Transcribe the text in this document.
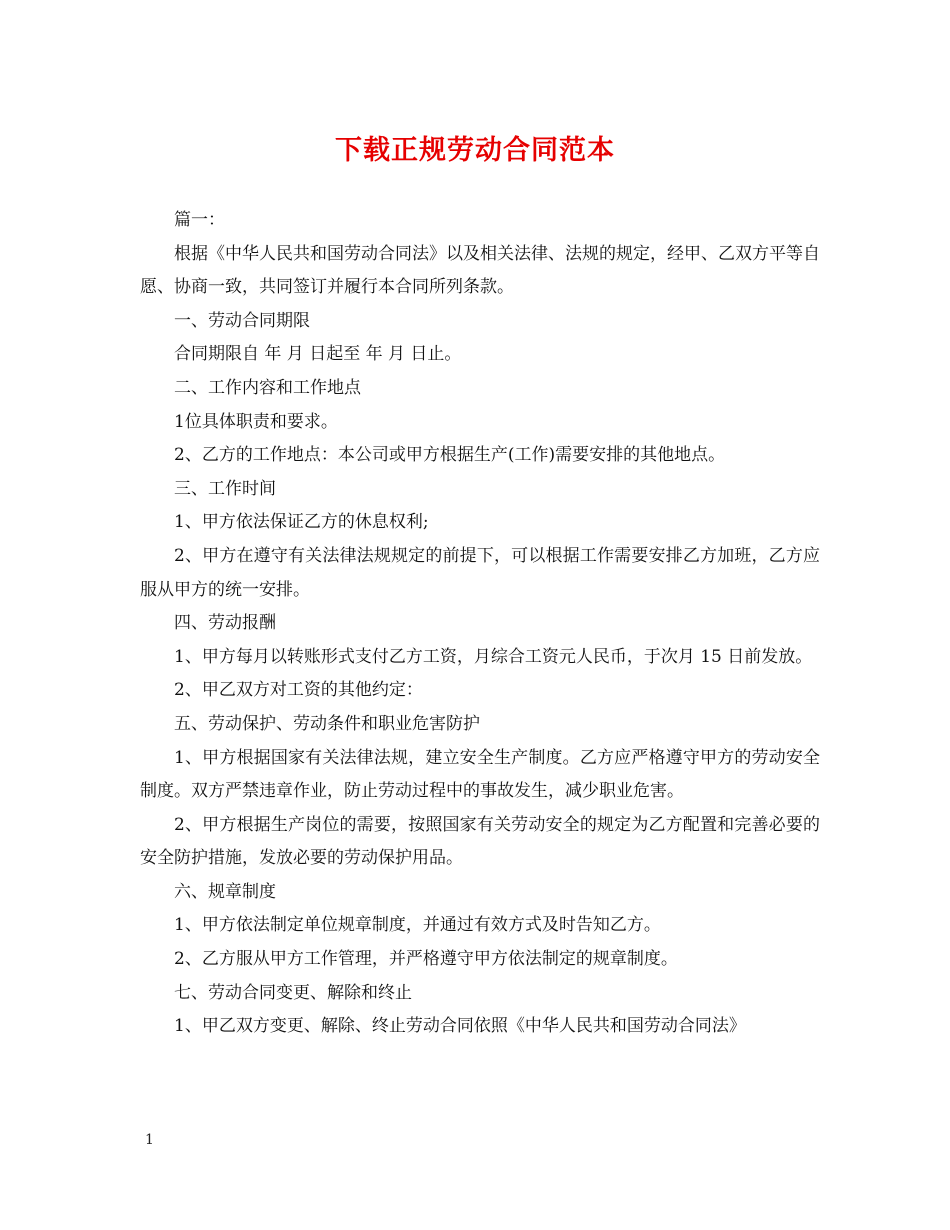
下载正规劳动合同范本

篇一：

根据《中华人民共和国劳动合同法》以及相关法律、法规的规定，经甲、乙双方平等自愿、协商一致，共同签订并履行本合同所列条款。

一、劳动合同期限

合同期限自 年 月 日起至 年 月 日止。

二、工作内容和工作地点

1位具体职责和要求。

2、乙方的工作地点：本公司或甲方根据生产(工作)需要安排的其他地点。

三、工作时间

1、甲方依法保证乙方的休息权利;

2、甲方在遵守有关法律法规规定的前提下，可以根据工作需要安排乙方加班，乙方应服从甲方的统一安排。

四、劳动报酬

1、甲方每月以转账形式支付乙方工资，月综合工资元人民币，于次月 15 日前发放。

2、甲乙双方对工资的其他约定：

五、劳动保护、劳动条件和职业危害防护

1、甲方根据国家有关法律法规，建立安全生产制度。乙方应严格遵守甲方的劳动安全制度。双方严禁违章作业，防止劳动过程中的事故发生，减少职业危害。

2、甲方根据生产岗位的需要，按照国家有关劳动安全的规定为乙方配置和完善必要的安全防护措施，发放必要的劳动保护用品。

六、规章制度

1、甲方依法制定单位规章制度，并通过有效方式及时告知乙方。

2、乙方服从甲方工作管理，并严格遵守甲方依法制定的规章制度。

七、劳动合同变更、解除和终止

1、甲乙双方变更、解除、终止劳动合同依照《中华人民共和国劳动合同法》

1
